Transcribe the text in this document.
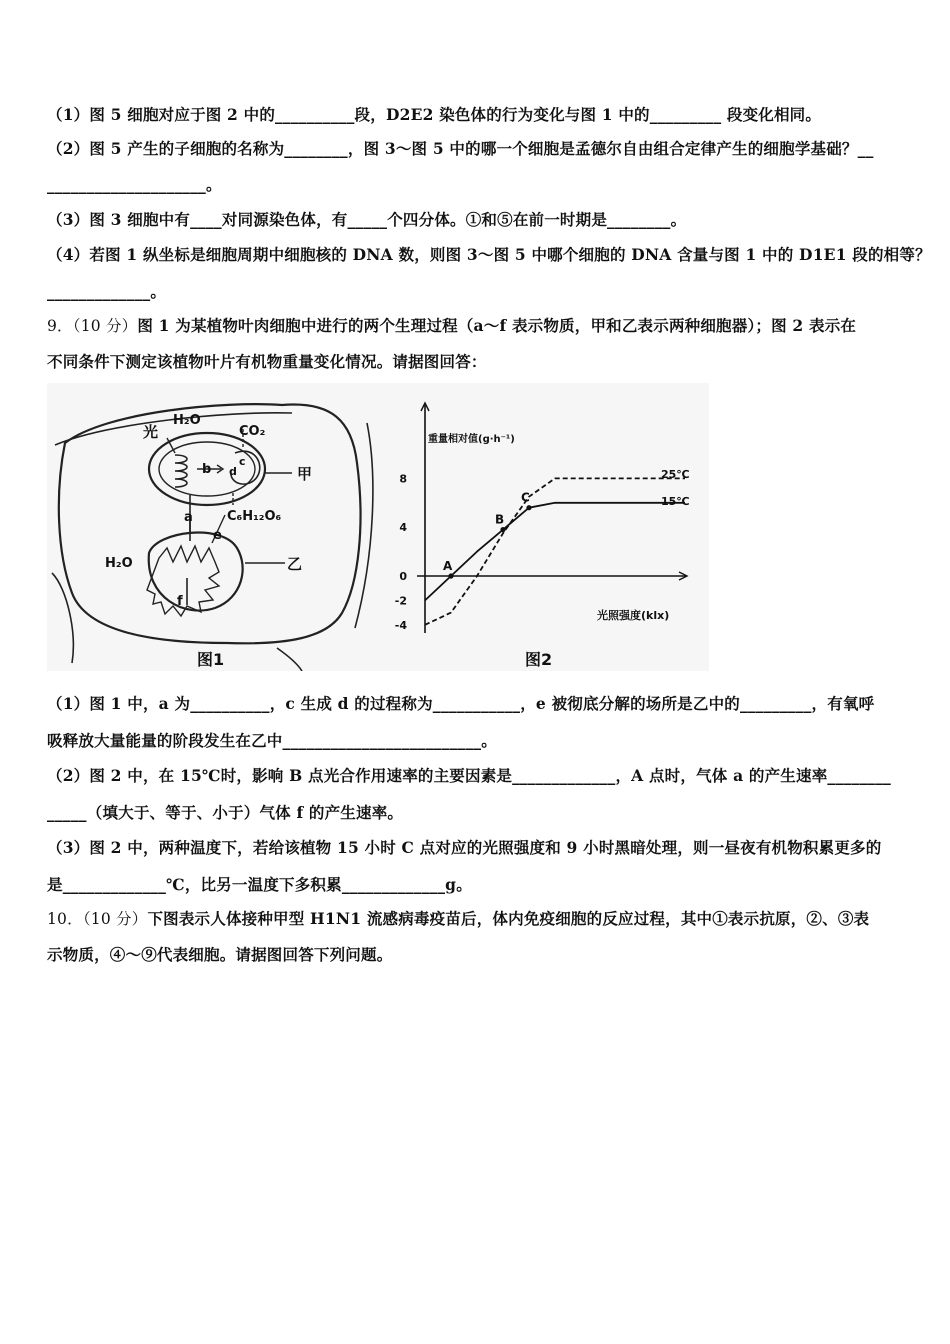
（1）图 5 细胞对应于图 2 中的__________段，D2E2 染色体的行为变化与图 1 中的_________ 段变化相同。
（2）图 5 产生的子细胞的名称为________，图 3～图 5 中的哪一个细胞是孟德尔自由组合定律产生的细胞学基础？__
____________________。
（3）图 3 细胞中有____对同源染色体，有_____个四分体。①和⑤在前一时期是________。
（4）若图 1 纵坐标是细胞周期中细胞核的 DNA 数，则图 3～图 5 中哪个细胞的 DNA 含量与图 1 中的 D1E1 段的相等？
_____________。
9．（10 分）图 1 为某植物叶肉细胞中进行的两个生理过程（a～f 表示物质，甲和乙表示两种细胞器）；图 2 表示在
不同条件下测定该植物叶片有机物重量变化情况。请据图回答：
H₂O
光	CO₂
b
c
d
a	C₆H₁₂O₆
e
f
H₂O
甲
乙
图1
重量相对值(g·h⁻¹)
光照强度(klx)
8
4
0
-2
-4
A
B
C
25℃
15℃
图2
（1）图 1 中，a 为__________，c 生成 d 的过程称为___________，e 被彻底分解的场所是乙中的_________，有氧呼
吸释放大量能量的阶段发生在乙中_________________________。
（2）图 2 中，在 15℃时，影响 B 点光合作用速率的主要因素是_____________，A 点时，气体 a 的产生速率________
_____（填大于、等于、小于）气体 f 的产生速率。
（3）图 2 中，两种温度下，若给该植物 15 小时 C 点对应的光照强度和 9 小时黑暗处理，则一昼夜有机物积累更多的
是_____________℃，比另一温度下多积累_____________g。
10．（10 分）下图表示人体接种甲型 H1N1 流感病毒疫苗后，体内免疫细胞的反应过程，其中①表示抗原，②、③表
示物质，④～⑨代表细胞。请据图回答下列问题。
